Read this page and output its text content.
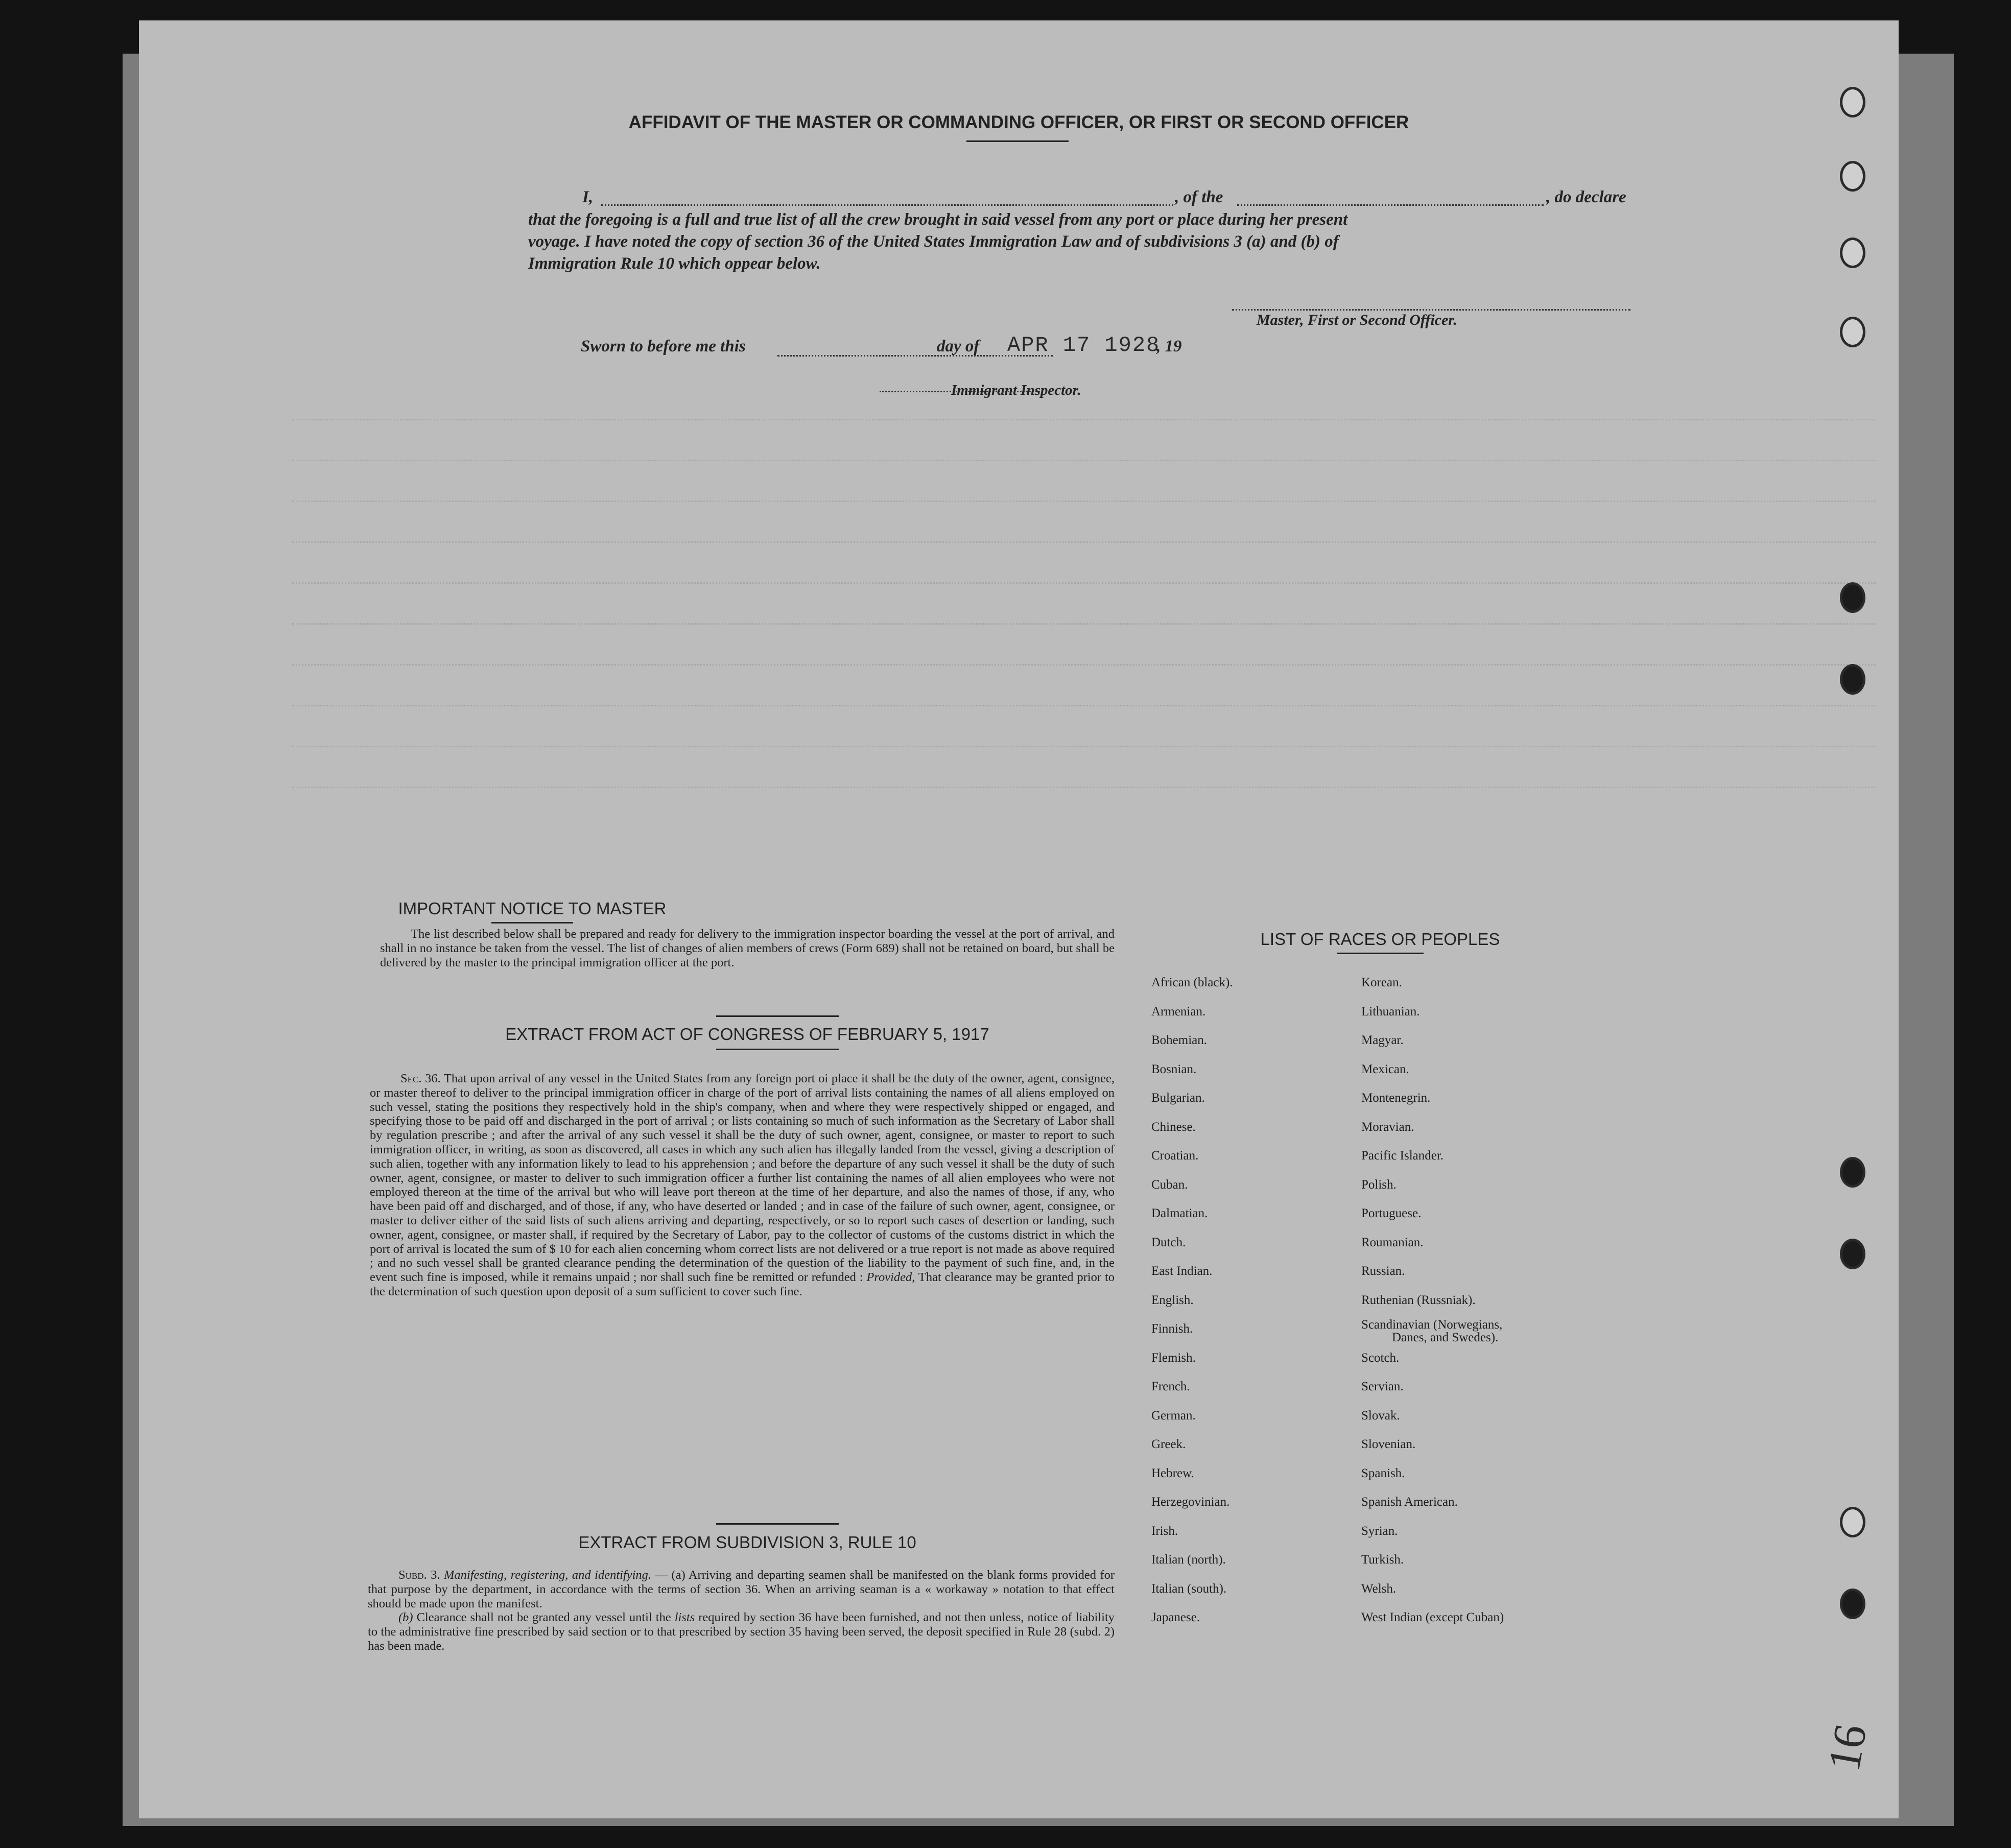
AFFIDAVIT OF THE MASTER OR COMMANDING OFFICER, OR FIRST OR SECOND OFFICER
I,	, of the	, do declare
that the foregoing is a full and true list of all the crew brought in said vessel from any port or place during her present
voyage. I have noted the copy of section 36 of the United States Immigration Law and of subdivisions 3 (a) and (b) of
Immigration Rule 10 which oppear below.
Master, First or Second Officer.
Sworn to before me this	day of APR 17 1928
, 19
Immigrant Inspector.
IMPORTANT NOTICE TO MASTER
The list described below shall be prepared and ready for delivery to the immigration inspector boarding the vessel at the port of arrival, and shall in no instance be taken from the vessel. The list of changes of alien members of crews (Form 689) shall not be retained on board, but shall be delivered by the master to the principal immigration officer at the port.
EXTRACT FROM ACT OF CONGRESS OF FEBRUARY 5, 1917

Sec. 36. That upon arrival of any vessel in the United States from any foreign port oi place it shall be the duty of the owner, agent, consignee, or master thereof to deliver to the principal immigration officer in charge of the port of arrival lists containing the names of all aliens employed on such vessel, stating the positions they respectively hold in the ship's company, when and where they were respectively shipped or engaged, and specifying those to be paid off and discharged in the port of arrival ; or lists containing so much of such information as the Secretary of Labor shall by regulation prescribe ; and after the arrival of any such vessel it shall be the duty of such owner, agent, consignee, or master to report to such immigration officer, in writing, as soon as discovered, all cases in which any such alien has illegally landed from the vessel, giving a description of such alien, together with any information likely to lead to his apprehension ; and before the departure of any such vessel it shall be the duty of such owner, agent, consignee, or master to deliver to such immigration officer a further list containing the names of all alien employees who were not employed thereon at the time of the arrival but who will leave port thereon at the time of her departure, and also the names of those, if any, who have been paid off and discharged, and of those, if any, who have deserted or landed ; and in case of the failure of such owner, agent, consignee, or master to deliver either of the said lists of such aliens arriving and departing, respectively, or so to report such cases of desertion or landing, such owner, agent, consignee, or master shall, if required by the Secretary of Labor, pay to the collector of customs of the customs district in which the port of arrival is located the sum of $ 10 for each alien concerning whom correct lists are not delivered or a true report is not made as above required ; and no such vessel shall be granted clearance pending the determination of the question of the liability to the payment of such fine, and, in the event such fine is imposed, while it remains unpaid ; nor shall such fine be remitted or refunded : Provided, That clearance may be granted prior to the determination of such question upon deposit of a sum sufficient to cover such fine.

EXTRACT FROM SUBDIVISION 3, RULE 10

Subd. 3. Manifesting, registering, and identifying. — (a) Arriving and departing seamen shall be manifested on the blank forms provided for that purpose by the department, in accordance with the terms of section 36. When an arriving seaman is a « workaway » notation to that effect should be made upon the manifest.

(b) Clearance shall not be granted any vessel until the lists required by section 36 have been furnished, and not then unless, notice of liability to the administrative fine prescribed by said section or to that prescribed by section 35 having been served, the deposit specified in Rule 28 (subd. 2) has been made.

LIST OF RACES OR PEOPLES
African (black).
Armenian.
Bohemian.
Bosnian.
Bulgarian.
Chinese.
Croatian.
Cuban.
Dalmatian.
Dutch.
East Indian.
English.
Finnish.
Flemish.
French.
German.
Greek.
Hebrew.
Herzegovinian.
Irish.
Italian (north).
Italian (south).
Japanese.
Korean.
Lithuanian.
Magyar.
Mexican.
Montenegrin.
Moravian.
Pacific Islander.
Polish.
Portuguese.
Roumanian.
Russian.
Ruthenian (Russniak).
Scandinavian (Norwegians,
Danes, and Swedes).
Scotch.
Servian.
Slovak.
Slovenian.
Spanish.
Spanish American.
Syrian.
Turkish.
Welsh.
West Indian (except Cuban)
16
